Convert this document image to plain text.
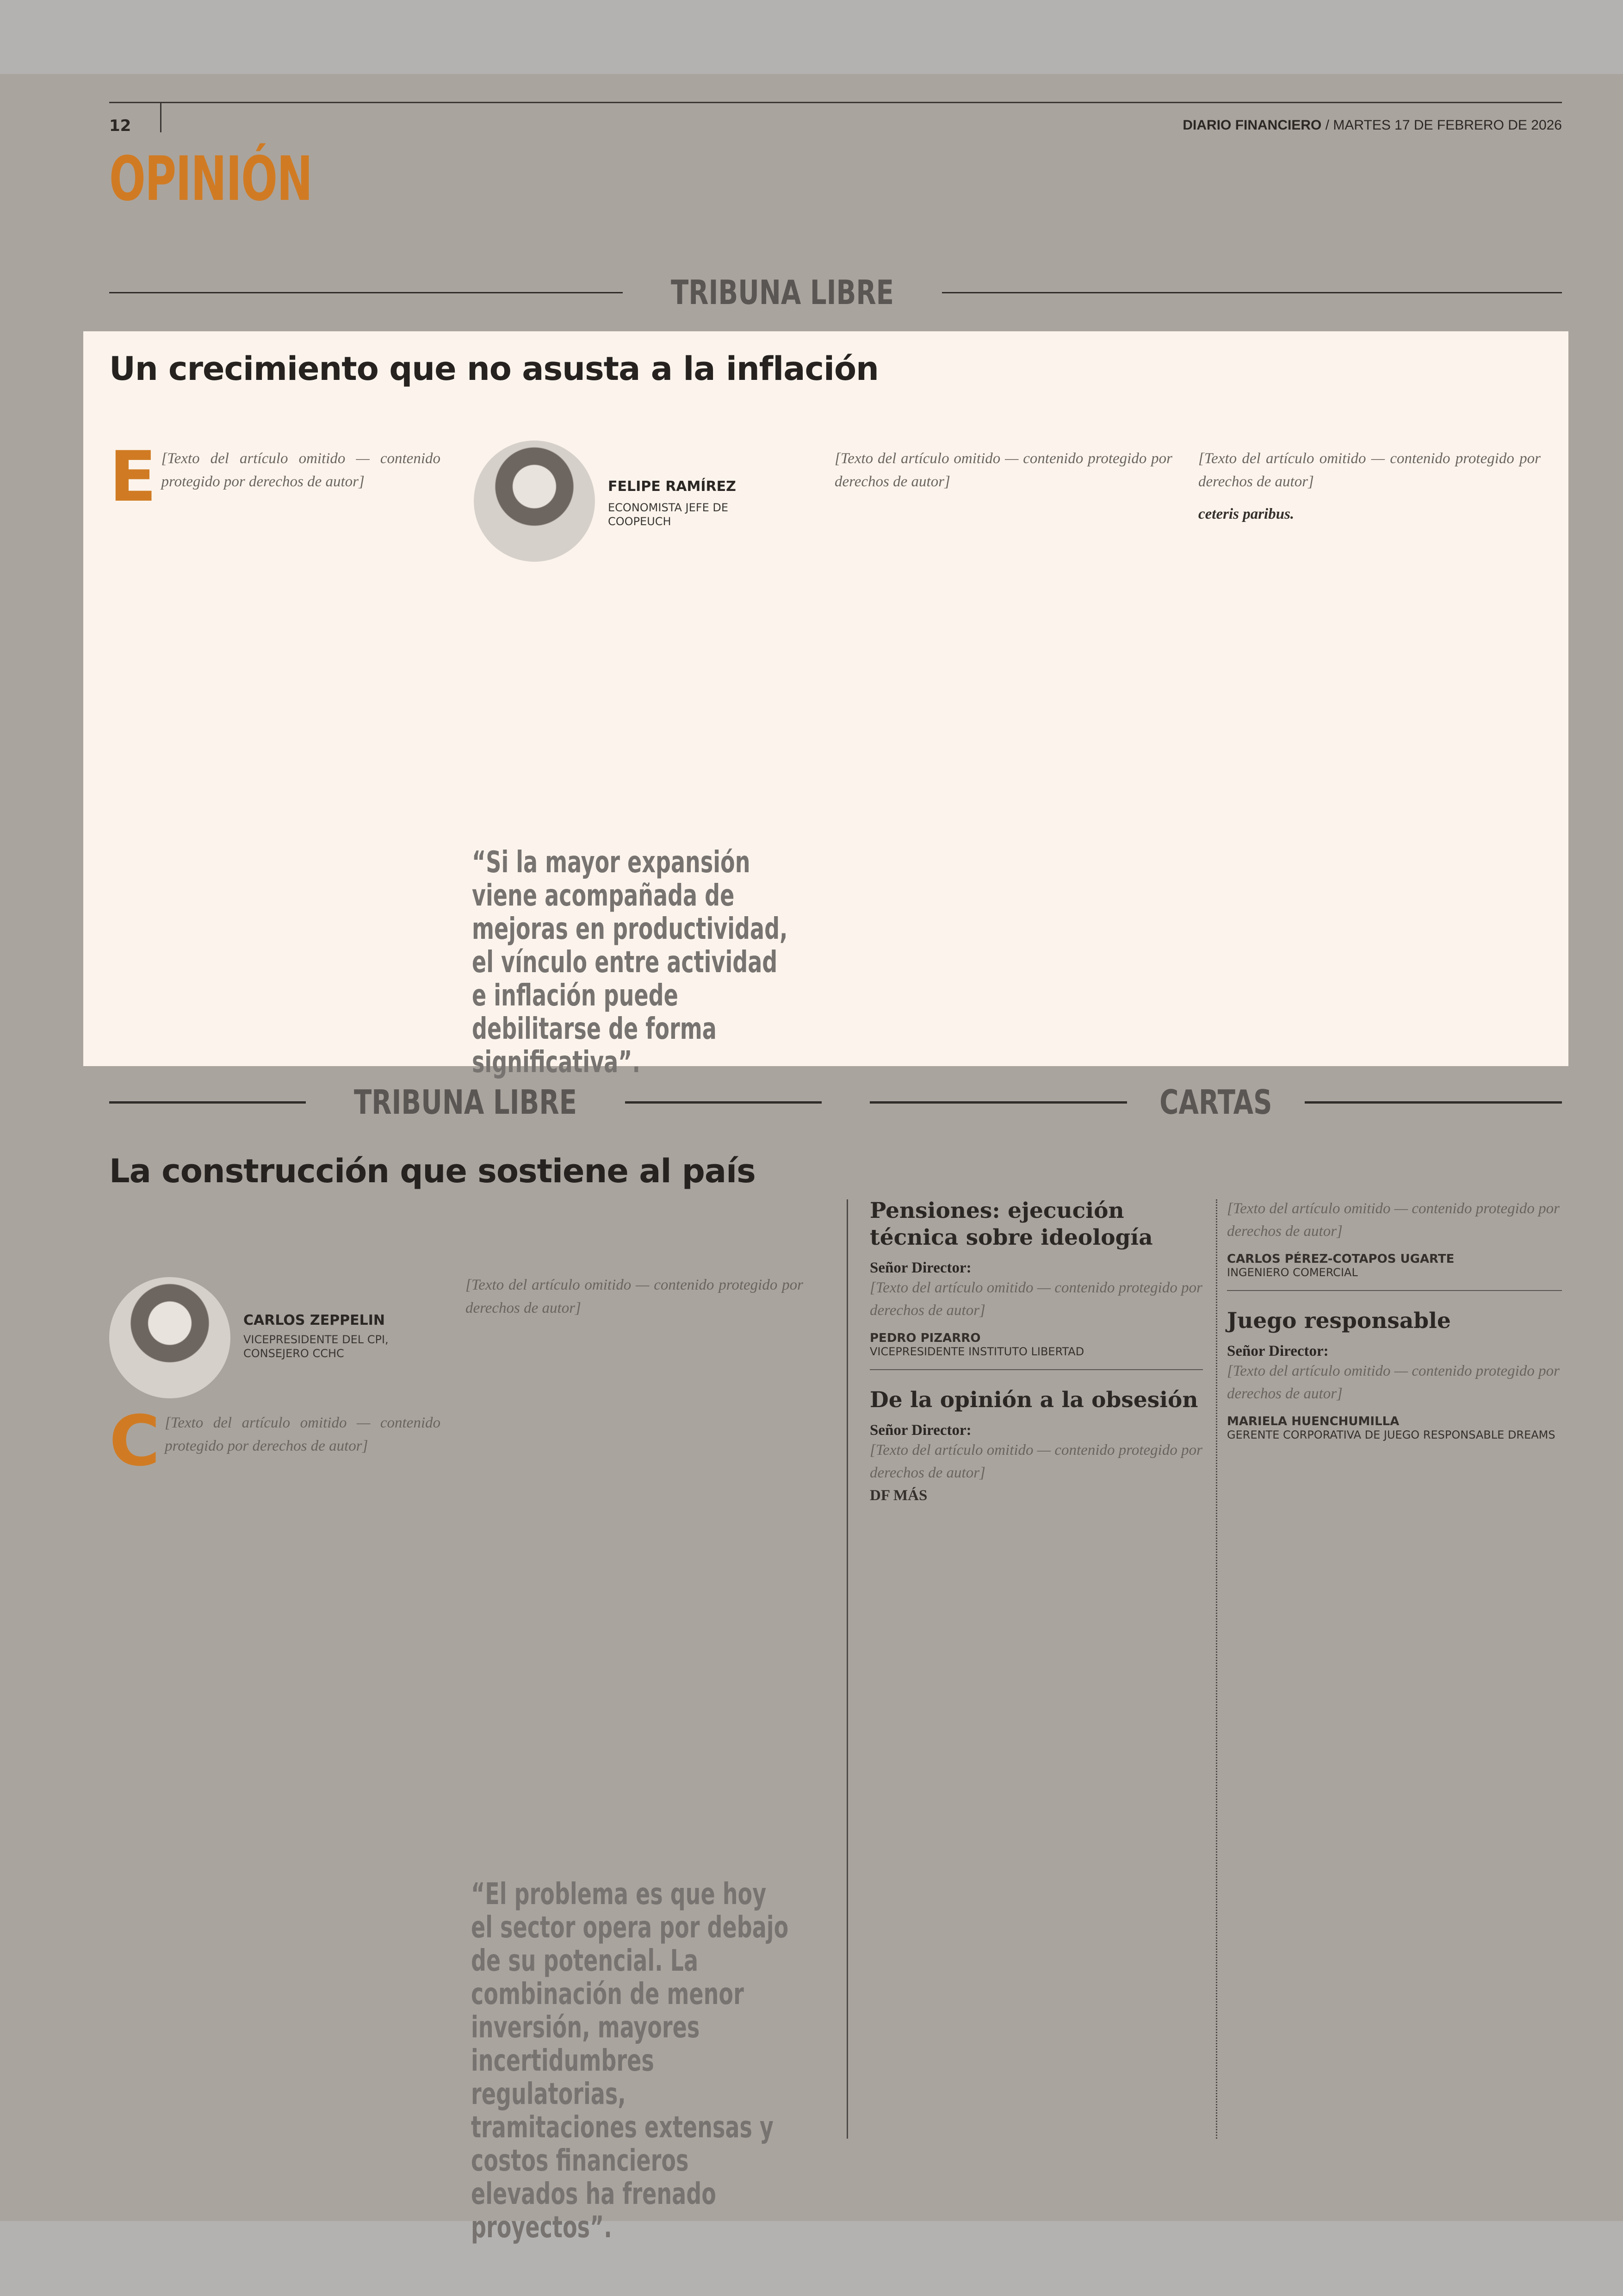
12	DIARIO FINANCIERO / MARTES 17 DE FEBRERO DE 2026
OPINIÓN
TRIBUNA LIBRE
Un crecimiento que no asusta a la inflación

E [Texto del artículo omitido — contenido protegido por derechos de autor]	FELIPE RAMÍREZ
ECONOMISTA JEFE DE COOPEUCH
“Si la mayor expansión viene acompañada de mejoras en productividad, el vínculo entre actividad e inflación puede debilitarse de forma significativa”.

[Texto del artículo omitido — contenido protegido por derechos de autor]

[Texto del artículo omitido — contenido protegido por derechos de autor]

ceteris paribus.

TRIBUNA LIBRE	CARTAS
La construcción que sostiene al país
CARLOS ZEPPELIN
VICEPRESIDENTE DEL CPI, CONSEJERO CCHC

C [Texto del artículo omitido — contenido protegido por derechos de autor]

[Texto del artículo omitido — contenido protegido por derechos de autor]

“El problema es que hoy el sector opera por debajo de su potencial. La combinación de menor inversión, mayores incertidumbres regulatorias, tramitaciones extensas y costos financieros elevados ha frenado proyectos”.
Pensiones: ejecución técnica sobre ideología
Señor Director:
[Texto del artículo omitido — contenido protegido por derechos de autor]
PEDRO PIZARRO
VICEPRESIDENTE INSTITUTO LIBERTAD
De la opinión a la obsesión
Señor Director:
[Texto del artículo omitido — contenido protegido por derechos de autor]
DF MÁS
[Texto del artículo omitido — contenido protegido por derechos de autor]
CARLOS PÉREZ-COTAPOS UGARTE
INGENIERO COMERCIAL
Juego responsable
Señor Director:
[Texto del artículo omitido — contenido protegido por derechos de autor]
MARIELA HUENCHUMILLA
GERENTE CORPORATIVA DE JUEGO RESPONSABLE DREAMS
